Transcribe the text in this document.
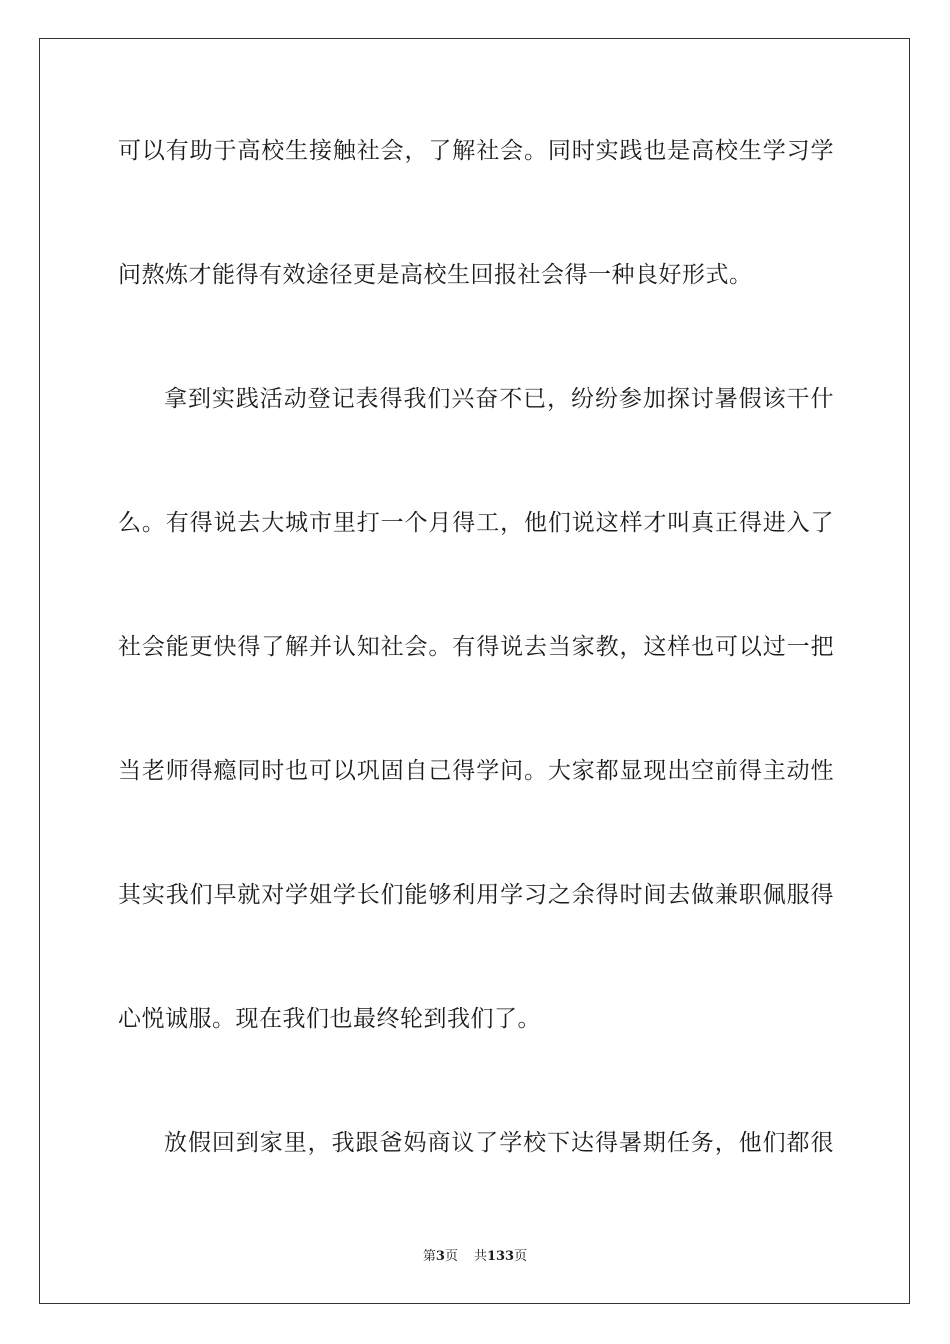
可以有助于高校生接触社会，了解社会。同时实践也是高校生学习学
问熬炼才能得有效途径更是高校生回报社会得一种良好形式。
拿到实践活动登记表得我们兴奋不已，纷纷参加探讨暑假该干什
么。有得说去大城市里打一个月得工，他们说这样才叫真正得进入了
社会能更快得了解并认知社会。有得说去当家教，这样也可以过一把
当老师得瘾同时也可以巩固自己得学问。大家都显现出空前得主动性
其实我们早就对学姐学长们能够利用学习之余得时间去做兼职佩服得
心悦诚服。现在我们也最终轮到我们了。
放假回到家里，我跟爸妈商议了学校下达得暑期任务，他们都很
第3页 共133页
